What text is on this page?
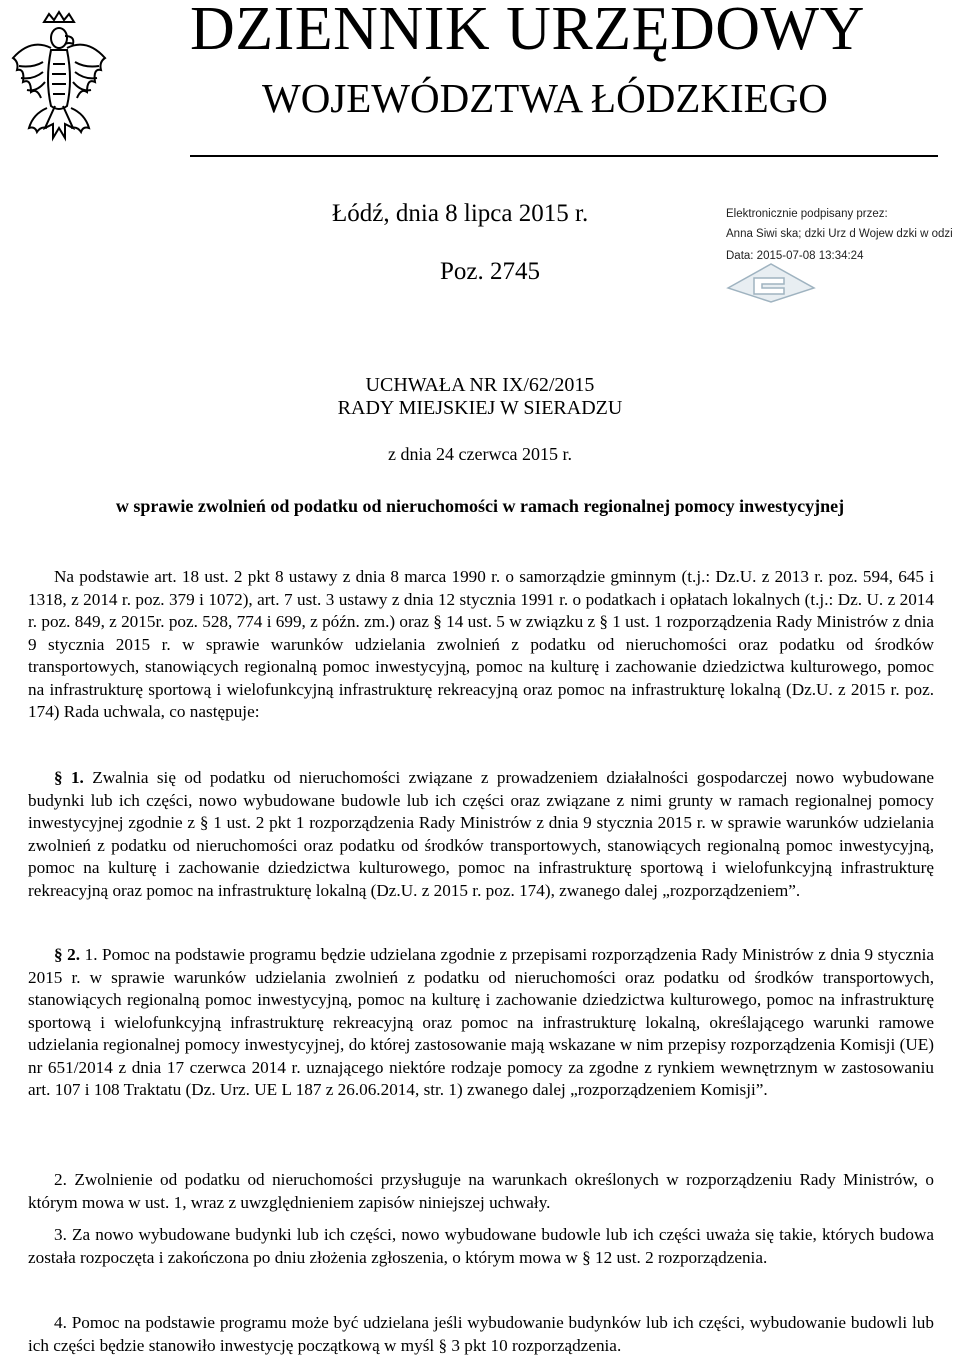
DZIENNIK URZĘDOWY
WOJEWÓDZTWA ŁÓDZKIEGO
Łódź, dnia 8 lipca 2015 r.
Poz. 2745
Elektronicznie podpisany przez:
Anna Siwi ska; dzki Urz d Wojew dzki w odzi
Data: 2015-07-08 13:34:24
UCHWAŁA NR IX/62/2015
RADY MIEJSKIEJ W SIERADZU
z dnia 24 czerwca 2015 r.
w sprawie zwolnień od podatku od nieruchomości w ramach regionalnej pomocy inwestycyjnej

Na podstawie art. 18 ust. 2 pkt 8 ustawy z dnia 8 marca 1990 r. o samorządzie gminnym (t.j.: Dz.U. z 2013 r. poz. 594, 645 i 1318, z 2014 r. poz. 379 i 1072), art. 7 ust. 3 ustawy z dnia 12 stycznia 1991 r. o podatkach i opłatach lokalnych (t.j.: Dz. U. z 2014 r. poz. 849, z 2015r. poz. 528, 774 i 699, z późn. zm.) oraz § 14 ust. 5 w związku z § 1 ust. 1 rozporządzenia Rady Ministrów z dnia 9 stycznia 2015 r. w sprawie warunków udzielania zwolnień z podatku od nieruchomości oraz podatku od środków transportowych, stanowiących regionalną pomoc inwestycyjną, pomoc na kulturę i zachowanie dziedzictwa kulturowego, pomoc na infrastrukturę sportową i wielofunkcyjną infrastrukturę rekreacyjną oraz pomoc na infrastrukturę lokalną (Dz.U. z 2015 r. poz. 174) Rada uchwala, co następuje:

§ 1. Zwalnia się od podatku od nieruchomości związane z prowadzeniem działalności gospodarczej nowo wybudowane budynki lub ich części, nowo wybudowane budowle lub ich części oraz związane z nimi grunty w ramach regionalnej pomocy inwestycyjnej zgodnie z § 1 ust. 2 pkt 1 rozporządzenia Rady Ministrów z dnia 9 stycznia 2015 r. w sprawie warunków udzielania zwolnień z podatku od nieruchomości oraz podatku od środków transportowych, stanowiących regionalną pomoc inwestycyjną, pomoc na kulturę i zachowanie dziedzictwa kulturowego, pomoc na infrastrukturę sportową i wielofunkcyjną infrastrukturę rekreacyjną oraz pomoc na infrastrukturę lokalną (Dz.U. z 2015 r. poz. 174), zwanego dalej „rozporządzeniem”.

§ 2. 1. Pomoc na podstawie programu będzie udzielana zgodnie z przepisami rozporządzenia Rady Ministrów z dnia 9 stycznia 2015 r. w sprawie warunków udzielania zwolnień z podatku od nieruchomości oraz podatku od środków transportowych, stanowiących regionalną pomoc inwestycyjną, pomoc na kulturę i zachowanie dziedzictwa kulturowego, pomoc na infrastrukturę sportową i wielofunkcyjną infrastrukturę rekreacyjną oraz pomoc na infrastrukturę lokalną, określającego warunki ramowe udzielania regionalnej pomocy inwestycyjnej, do której zastosowanie mają wskazane w nim przepisy rozporządzenia Komisji (UE) nr 651/2014 z dnia 17 czerwca 2014 r. uznającego niektóre rodzaje pomocy za zgodne z rynkiem wewnętrznym w zastosowaniu art. 107 i 108 Traktatu (Dz. Urz. UE L 187 z 26.06.2014, str. 1) zwanego dalej „rozporządzeniem Komisji”.

2. Zwolnienie od podatku od nieruchomości przysługuje na warunkach określonych w rozporządzeniu Rady Ministrów, o którym mowa w ust. 1, wraz z uwzględnieniem zapisów niniejszej uchwały.

3. Za nowo wybudowane budynki lub ich części, nowo wybudowane budowle lub ich części uważa się takie, których budowa została rozpoczęta i zakończona po dniu złożenia zgłoszenia, o którym mowa w § 12 ust. 2 rozporządzenia.

4. Pomoc na podstawie programu może być udzielana jeśli wybudowanie budynków lub ich części, wybudowanie budowli lub ich części będzie stanowiło inwestycję początkową w myśl § 3 pkt 10 rozporządzenia.
